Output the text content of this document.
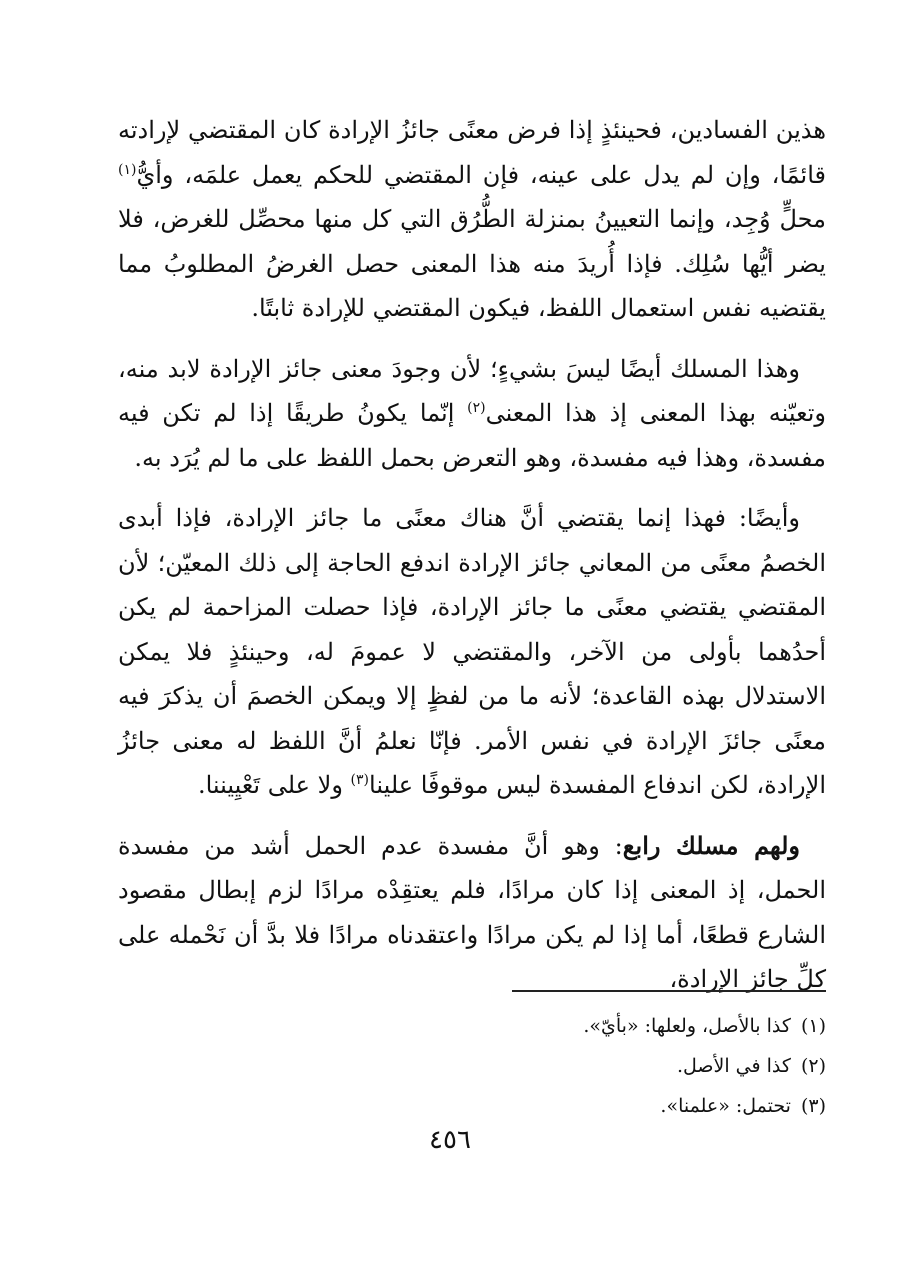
هذين الفسادين، فحينئذٍ إذا فرض معنًى جائزُ الإرادة كان المقتضي لإرادته قائمًا، وإن لم يدل على عينه، فإن المقتضي للحكم يعمل علمَه، وأيُّ$^{(١)}$ محلٍّ وُجِد، وإنما التعيينُ بمنزلة الطُّرُق التي كل منها محصِّل للغرض، فلا يضر أيُّها سُلِك. فإذا أُريدَ منه هذا المعنى حصل الغرضُ المطلوبُ مما يقتضيه نفس استعمال اللفظ، فيكون المقتضي للإرادة ثابتًا.

وهذا المسلك أيضًا ليسَ بشيءٍ؛ لأن وجودَ معنى جائز الإرادة لابد منه، وتعيّنه بهذا المعنى إذ هذا المعنى$^{(٢)}$ إنّما يكونُ طريقًا إذا لم تكن فيه مفسدة، وهذا فيه مفسدة، وهو التعرض بحمل اللفظ على ما لم يُرَد به.

وأيضًا: فهذا إنما يقتضي أنَّ هناك معنًى ما جائز الإرادة، فإذا أبدى الخصمُ معنًى من المعاني جائز الإرادة اندفع الحاجة إلى ذلك المعيّن؛ لأن المقتضي يقتضي معنًى ما جائز الإرادة، فإذا حصلت المزاحمة لم يكن أحدُهما بأولى من الآخر، والمقتضي لا عمومَ له، وحينئذٍ فلا يمكن الاستدلال بهذه القاعدة؛ لأنه ما من لفظٍ إلا ويمكن الخصمَ أن يذكرَ فيه معنًى جائزَ الإرادة في نفس الأمر. فإنّا نعلمُ أنَّ اللفظ له معنى جائزُ الإرادة، لكن اندفاع المفسدة ليس موقوفًا علينا$^{(٣)}$ ولا على تَعْيِيننا.

ولهم مسلك رابع: وهو أنَّ مفسدة عدم الحمل أشد من مفسدة الحمل، إذ المعنى إذا كان مرادًا، فلم يعتقِدْه مرادًا لزم إبطال مقصود الشارع قطعًا، أما إذا لم يكن مرادًا واعتقدناه مرادًا فلا بدَّ أن نَحْمله على كلِّ جائز الإرادة،

(١)كذا بالأصل، ولعلها: «بأيّ».

(٢)كذا في الأصل.

(٣)تحتمل: «علمنا».

٤٥٦
